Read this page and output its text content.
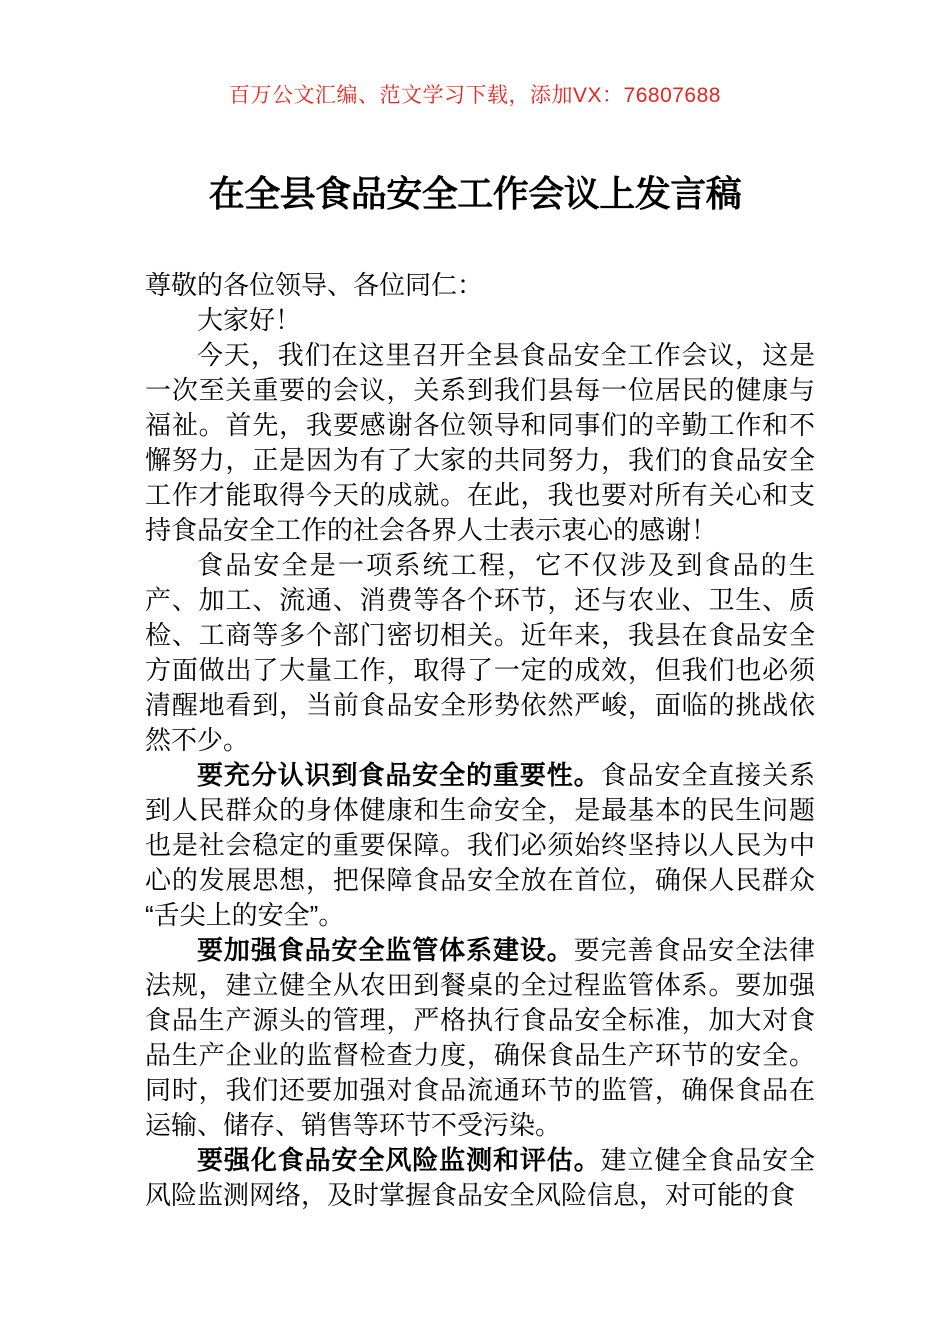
百万公文汇编、范文学习下载，添加VX：76807688
在全县食品安全工作会议上发言稿

尊敬的各位领导、各位同仁：

大家好！

今天，我们在这里召开全县食品安全工作会议，这是一次至关重要的会议，关系到我们县每一位居民的健康与福祉。首先，我要感谢各位领导和同事们的辛勤工作和不懈努力，正是因为有了大家的共同努力，我们的食品安全工作才能取得今天的成就。在此，我也要对所有关心和支持食品安全工作的社会各界人士表示衷心的感谢！

食品安全是一项系统工程，它不仅涉及到食品的生产、加工、流通、消费等各个环节，还与农业、卫生、质检、工商等多个部门密切相关。近年来，我县在食品安全方面做出了大量工作，取得了一定的成效，但我们也必须清醒地看到，当前食品安全形势依然严峻，面临的挑战依然不少。

要充分认识到食品安全的重要性。食品安全直接关系到人民群众的身体健康和生命安全，是最基本的民生问题也是社会稳定的重要保障。我们必须始终坚持以人民为中心的发展思想，把保障食品安全放在首位，确保人民群众“舌尖上的安全”。

要加强食品安全监管体系建设。要完善食品安全法律法规，建立健全从农田到餐桌的全过程监管体系。要加强食品生产源头的管理，严格执行食品安全标准，加大对食品生产企业的监督检查力度，确保食品生产环节的安全。同时，我们还要加强对食品流通环节的监管，确保食品在运输、储存、销售等环节不受污染。

要强化食品安全风险监测和评估。建立健全食品安全风险监测网络，及时掌握食品安全风险信息，对可能的食
